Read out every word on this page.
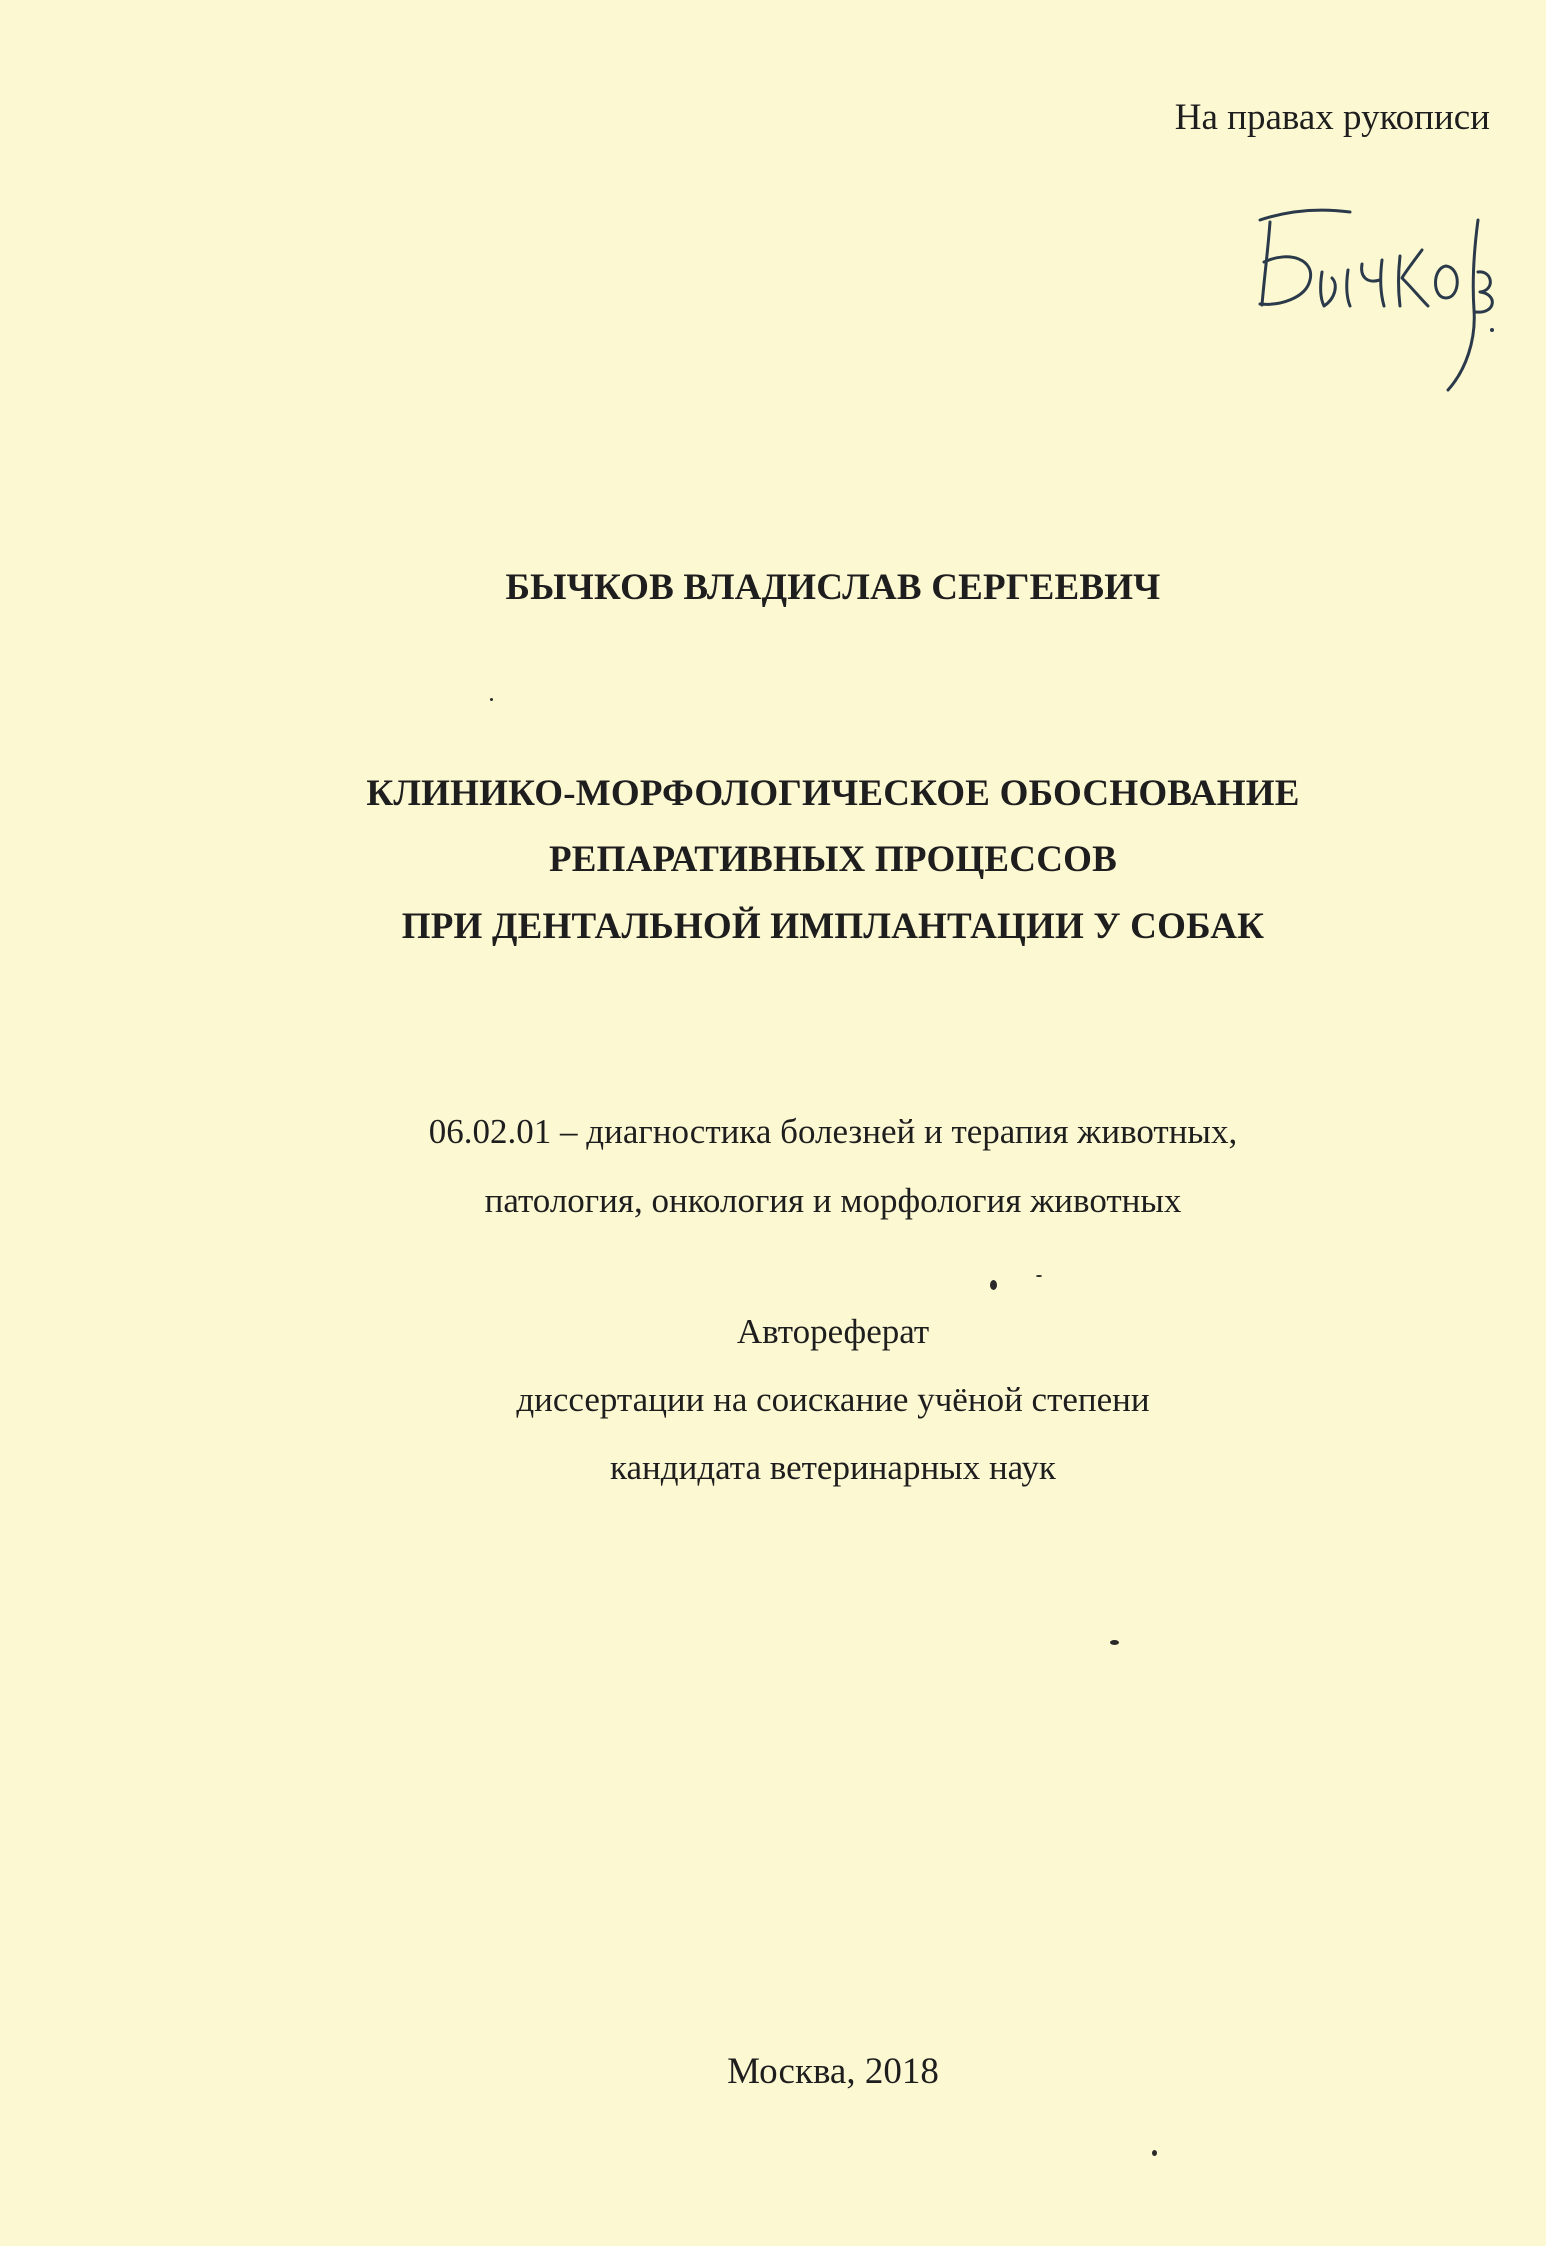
На правах рукописи
БЫЧКОВ ВЛАДИСЛАВ СЕРГЕЕВИЧ
КЛИНИКО-МОРФОЛОГИЧЕСКОЕ ОБОСНОВАНИЕ
РЕПАРАТИВНЫХ ПРОЦЕССОВ
ПРИ ДЕНТАЛЬНОЙ ИМПЛАНТАЦИИ У СОБАК
06.02.01 – диагностика болезней и терапия животных,
патология, онкология и морфология животных
Автореферат
диссертации на соискание учёной степени
кандидата ветеринарных наук
Москва, 2018
